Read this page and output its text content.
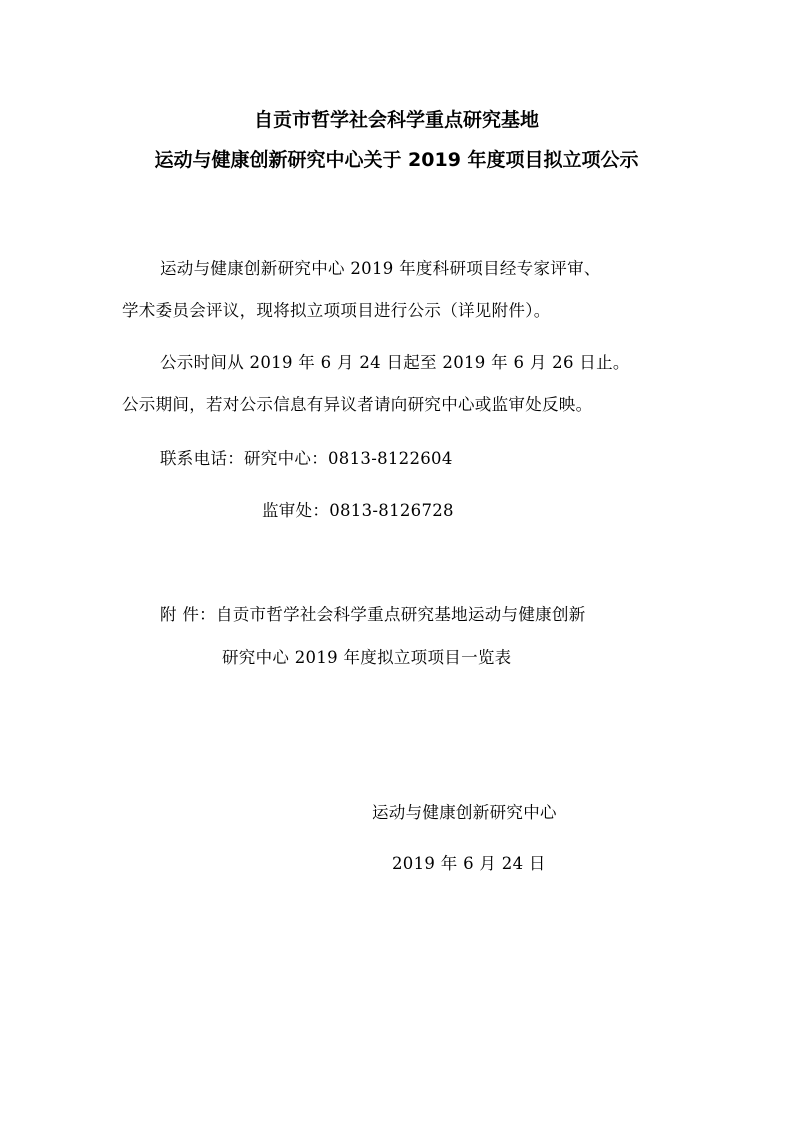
自贡市哲学社会科学重点研究基地
运动与健康创新研究中心关于 2019 年度项目拟立项公示
运动与健康创新研究中心 2019 年度科研项目经专家评审、
学术委员会评议，现将拟立项项目进行公示（详见附件）。
公示时间从 2019 年 6 月 24 日起至 2019 年 6 月 26 日止。
公示期间，若对公示信息有异议者请向研究中心或监审处反映。
联系电话：研究中心：0813-8122604
监审处：0813-8126728
附 件：自贡市哲学社会科学重点研究基地运动与健康创新
研究中心 2019 年度拟立项项目一览表
运动与健康创新研究中心
2019 年 6 月 24 日
